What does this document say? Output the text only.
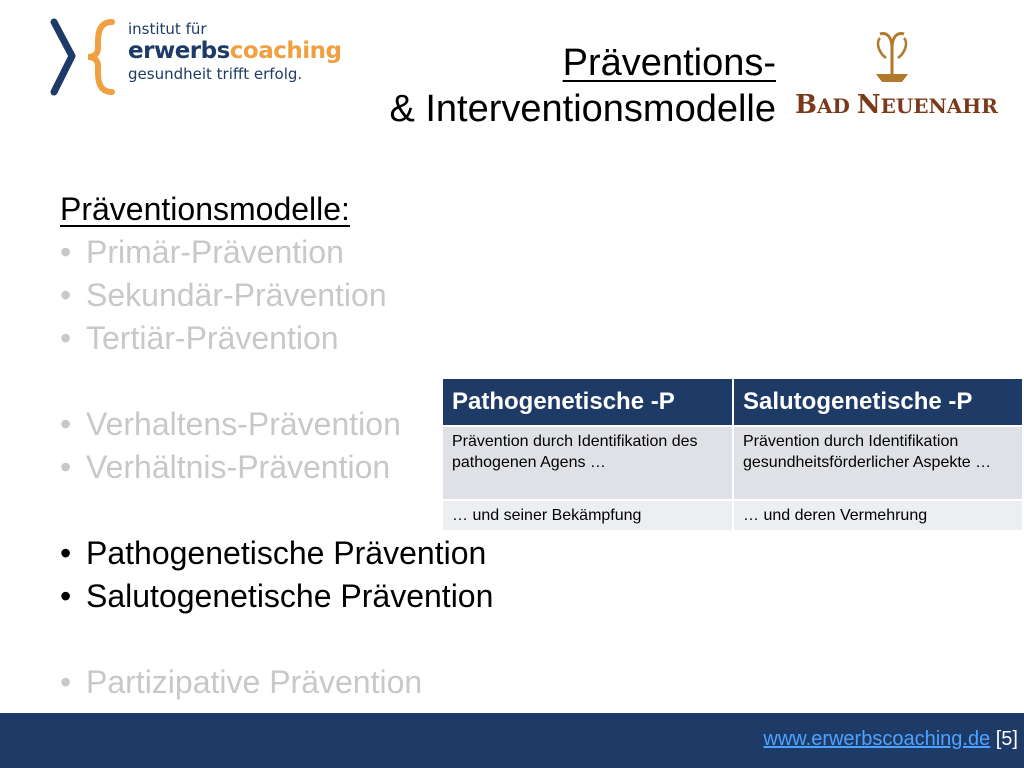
institut für
erwerbscoaching
gesundheit trifft erfolg.	Präventions-
& Interventionsmodelle BAD NEUENAHR
Präventionsmodelle:
• Primär-Prävention
• Sekundär-Prävention
• Tertiär-Prävention
• Verhaltens-Prävention
• Verhältnis-Prävention
• Pathogenetische Prävention
• Salutogenetische Prävention
• Partizipative Prävention
Pathogenetische -P	Salutogenetische -P
Prävention durch Identifikation des pathogenen Agens …	Prävention durch Identifikation gesundheitsförderlicher Aspekte …
… und seiner Bekämpfung	… und deren Vermehrung
www.erwerbscoaching.de [5]
